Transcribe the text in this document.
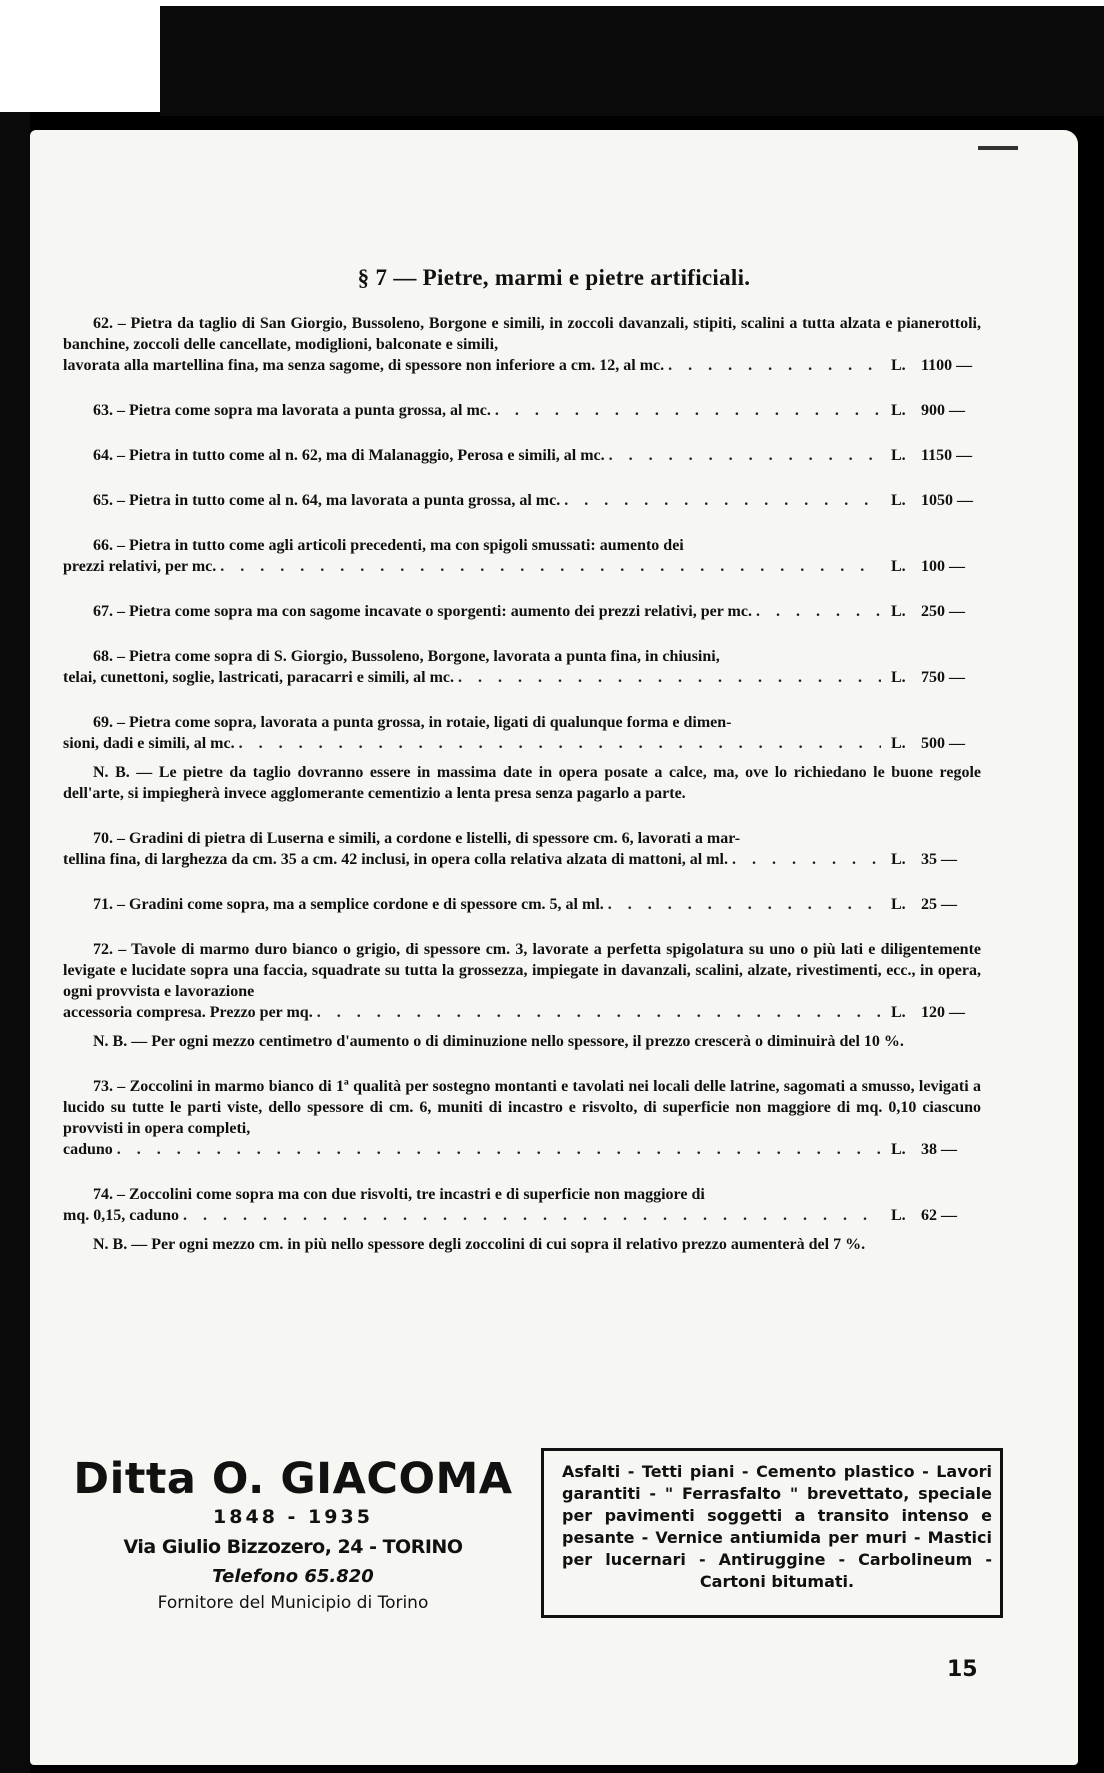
§ 7 — Pietre, marmi e pietre artificiali.
62. – Pietra da taglio di San Giorgio, Bussoleno, Borgone e simili, in zoccoli davanzali, stipiti, scalini a tutta alzata e pianerottoli, banchine, zoccoli delle cancellate, modiglioni, balconate e simili,
lavorata alla martellina fina, ma senza sagome, di spessore non inferiore a cm. 12, al mc. . . .	L. 1100 —
63. – Pietra come sopra ma lavorata a punta grossa, al mc. . . .	L. 900 —
64. – Pietra in tutto come al n. 62, ma di Malanaggio, Perosa e simili, al mc. . . .	L. 1150 —
65. – Pietra in tutto come al n. 64, ma lavorata a punta grossa, al mc. . . .	L. 1050 —
66. – Pietra in tutto come agli articoli precedenti, ma con spigoli smussati: aumento dei
prezzi relativi, per mc. . . .	L. 100 —
67. – Pietra come sopra ma con sagome incavate o sporgenti: aumento dei prezzi relativi, per mc. . . .	L. 250 —
68. – Pietra come sopra di S. Giorgio, Bussoleno, Borgone, lavorata a punta fina, in chiusini,
telai, cunettoni, soglie, lastricati, paracarri e simili, al mc. . . .	L. 750 —
69. – Pietra come sopra, lavorata a punta grossa, in rotaie, ligati di qualunque forma e dimen-
sioni, dadi e simili, al mc. . . .	L. 500 —
N. B. — Le pietre da taglio dovranno essere in massima date in opera posate a calce, ma, ove lo richiedano le buone regole dell'arte, si impiegherà invece agglomerante cementizio a lenta presa senza pagarlo a parte.
70. – Gradini di pietra di Luserna e simili, a cordone e listelli, di spessore cm. 6, lavorati a mar-
tellina fina, di larghezza da cm. 35 a cm. 42 inclusi, in opera colla relativa alzata di mattoni, al ml. . . .	L. 35 —
71. – Gradini come sopra, ma a semplice cordone e di spessore cm. 5, al ml. . . .	L. 25 —
72. – Tavole di marmo duro bianco o grigio, di spessore cm. 3, lavorate a perfetta spigolatura su uno o più lati e diligentemente levigate e lucidate sopra una faccia, squadrate su tutta la grossezza, impiegate in davanzali, scalini, alzate, rivestimenti, ecc., in opera, ogni provvista e lavorazione
accessoria compresa. Prezzo per mq. . . .	L. 120 —
N. B. — Per ogni mezzo centimetro d'aumento o di diminuzione nello spessore, il prezzo crescerà o diminuirà del 10 %.
73. – Zoccolini in marmo bianco di 1ª qualità per sostegno montanti e tavolati nei locali delle latrine, sagomati a smusso, levigati a lucido su tutte le parti viste, dello spessore di cm. 6, muniti di incastro e risvolto, di superficie non maggiore di mq. 0,10 ciascuno provvisti in opera completi,
caduno . . .	L. 38 —
74. – Zoccolini come sopra ma con due risvolti, tre incastri e di superficie non maggiore di
mq. 0,15, caduno . . .	L. 62 —
N. B. — Per ogni mezzo cm. in più nello spessore degli zoccolini di cui sopra il relativo prezzo aumenterà del 7 %.
Ditta O. GIACOMA
1848 - 1935
Via Giulio Bizzozero, 24 - TORINO
Telefono 65.820
Fornitore del Municipio di Torino
Asfalti - Tetti piani - Cemento plastico - Lavori garantiti - " Ferrasfalto " brevettato, speciale per pavimenti soggetti a transito intenso e pesante - Vernice antiumida per muri - Mastici per lucernari - Antiruggine - Carbolineum - Cartoni bitumati.
15
